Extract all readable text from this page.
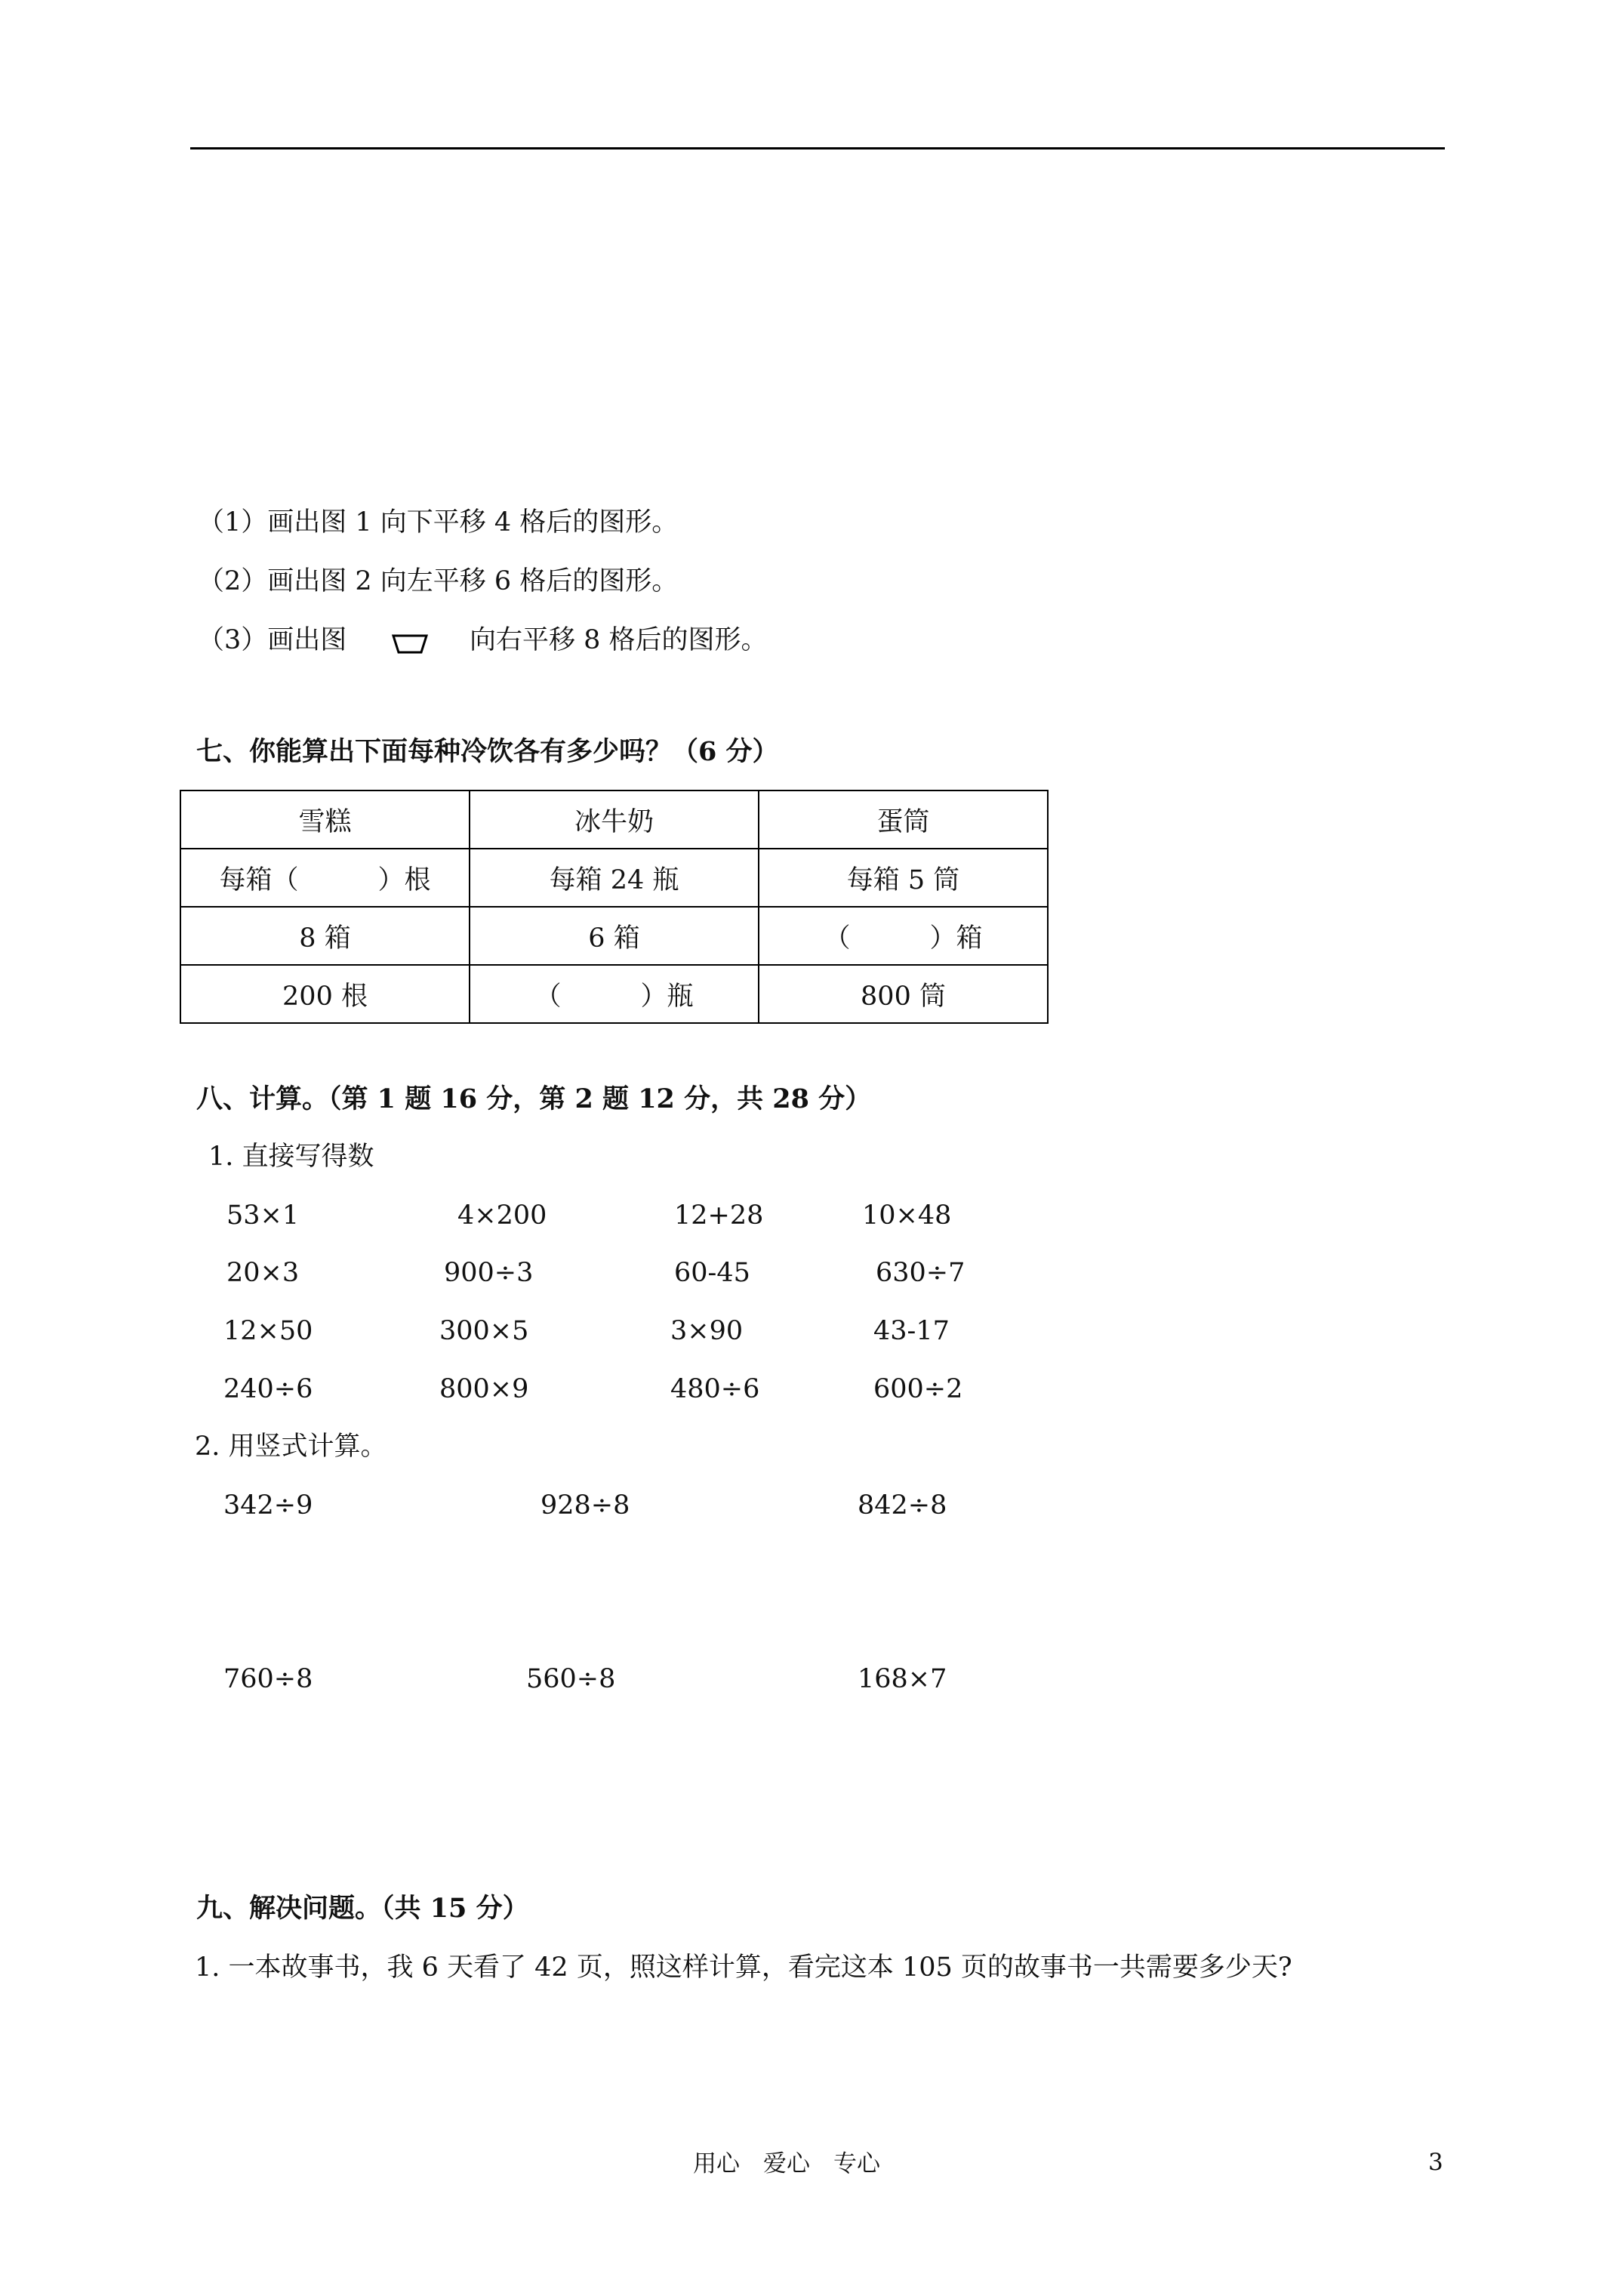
（1）画出图 1 向下平移 4 格后的图形。
（2）画出图 2 向左平移 6 格后的图形。
（3）画出图	向右平移 8 格后的图形。
七、你能算出下面每种冷饮各有多少吗？（6 分）
雪糕	冰牛奶	蛋筒
每箱（　　　）根	每箱 24 瓶	每箱 5 筒
8 箱	6 箱	（　　　）箱
200 根	（　　　）瓶	800 筒
八、计算。（第 1 题 16 分，第 2 题 12 分，共 28 分）
1. 直接写得数
53×1	4×200	12+28	10×48
20×3	900÷3	60-45	630÷7
12×50	300×5	3×90	43-17
240÷6	800×9	480÷6	600÷2
2. 用竖式计算。
342÷9	928÷8	842÷8
760÷8	560÷8	168×7
九、解决问题。（共 15 分）
1. 一本故事书，我 6 天看了 42 页，照这样计算，看完这本 105 页的故事书一共需要多少天?
用心　爱心　专心	3
